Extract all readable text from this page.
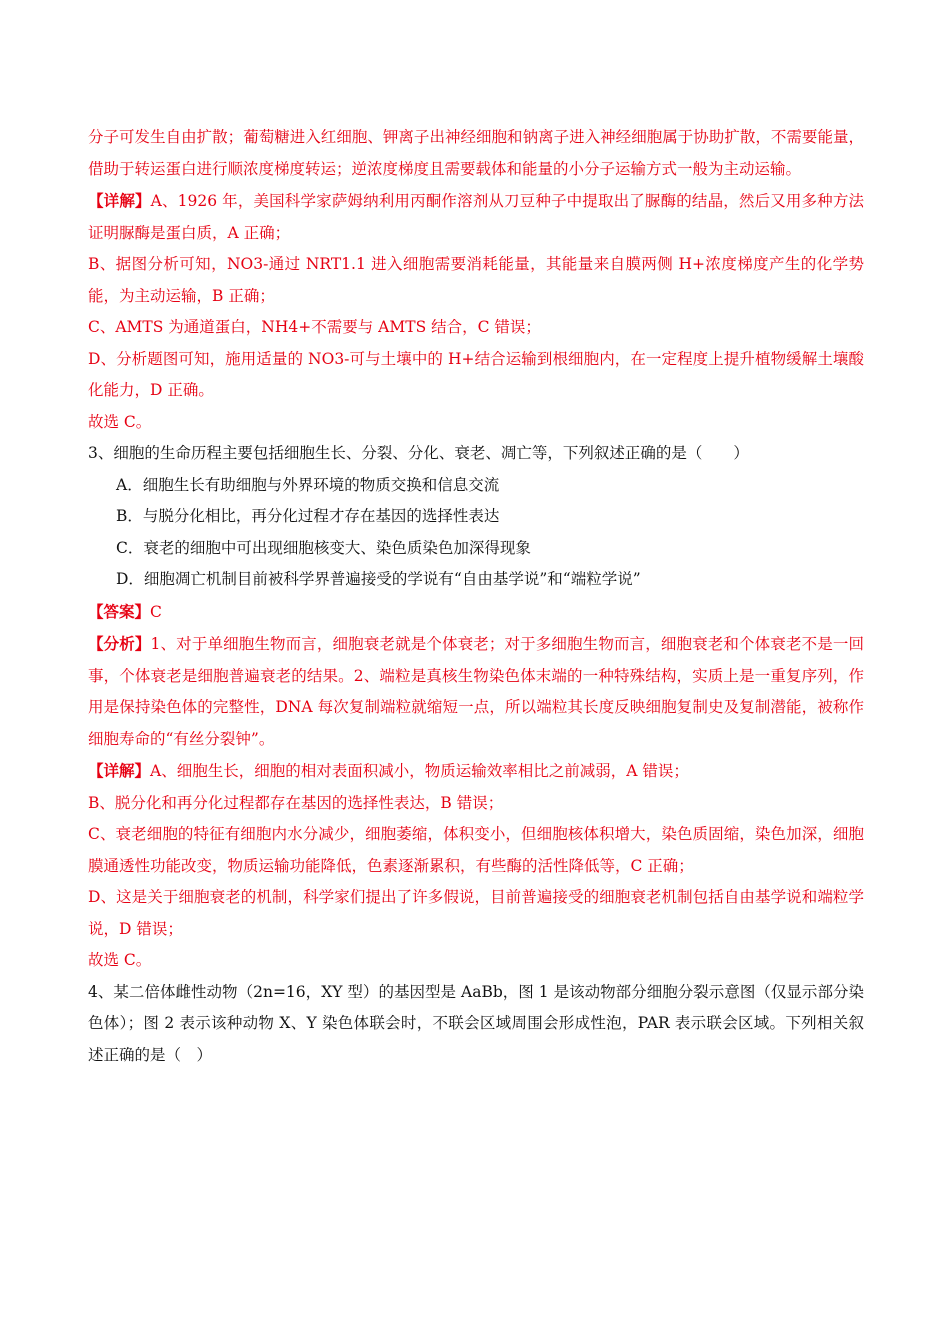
分子可发生自由扩散；葡萄糖进入红细胞、钾离子出神经细胞和钠离子进入神经细胞属于协助扩散，不需要能量，借助于转运蛋白进行顺浓度梯度转运；逆浓度梯度且需要载体和能量的小分子运输方式一般为主动运输。

【详解】A、1926 年，美国科学家萨姆纳利用丙酮作溶剂从刀豆种子中提取出了脲酶的结晶，然后又用多种方法证明脲酶是蛋白质，A 正确；

B、据图分析可知，NO3-通过 NRT1.1 进入细胞需要消耗能量，其能量来自膜两侧 H+浓度梯度产生的化学势能，为主动运输，B 正确；

C、AMTS 为通道蛋白，NH4+不需要与 AMTS 结合，C 错误；

D、分析题图可知，施用适量的 NO3-可与土壤中的 H+结合运输到根细胞内，在一定程度上提升植物缓解土壤酸化能力，D 正确。

故选 C。

3、细胞的生命历程主要包括细胞生长、分裂、分化、衰老、凋亡等，下列叙述正确的是（　　）

A．细胞生长有助细胞与外界环境的物质交换和信息交流

B．与脱分化相比，再分化过程才存在基因的选择性表达

C．衰老的细胞中可出现细胞核变大、染色质染色加深得现象

D．细胞凋亡机制目前被科学界普遍接受的学说有“自由基学说”和“端粒学说”

【答案】C

【分析】1、对于单细胞生物而言，细胞衰老就是个体衰老；对于多细胞生物而言，细胞衰老和个体衰老不是一回事，个体衰老是细胞普遍衰老的结果。2、端粒是真核生物染色体末端的一种特殊结构，实质上是一重复序列，作用是保持染色体的完整性，DNA 每次复制端粒就缩短一点，所以端粒其长度反映细胞复制史及复制潜能，被称作细胞寿命的“有丝分裂钟”。

【详解】A、细胞生长，细胞的相对表面积减小，物质运输效率相比之前减弱，A 错误；

B、脱分化和再分化过程都存在基因的选择性表达，B 错误；

C、衰老细胞的特征有细胞内水分减少，细胞萎缩，体积变小，但细胞核体积增大，染色质固缩，染色加深，细胞膜通透性功能改变，物质运输功能降低，色素逐渐累积，有些酶的活性降低等，C 正确；

D、这是关于细胞衰老的机制，科学家们提出了许多假说，目前普遍接受的细胞衰老机制包括自由基学说和端粒学说，D 错误；

故选 C。

4、某二倍体雌性动物（2n=16，XY 型）的基因型是 AaBb，图 1 是该动物部分细胞分裂示意图（仅显示部分染色体）；图 2 表示该种动物 X、Y 染色体联会时，不联会区域周围会形成性泡，PAR 表示联会区域。下列相关叙述正确的是（　）
